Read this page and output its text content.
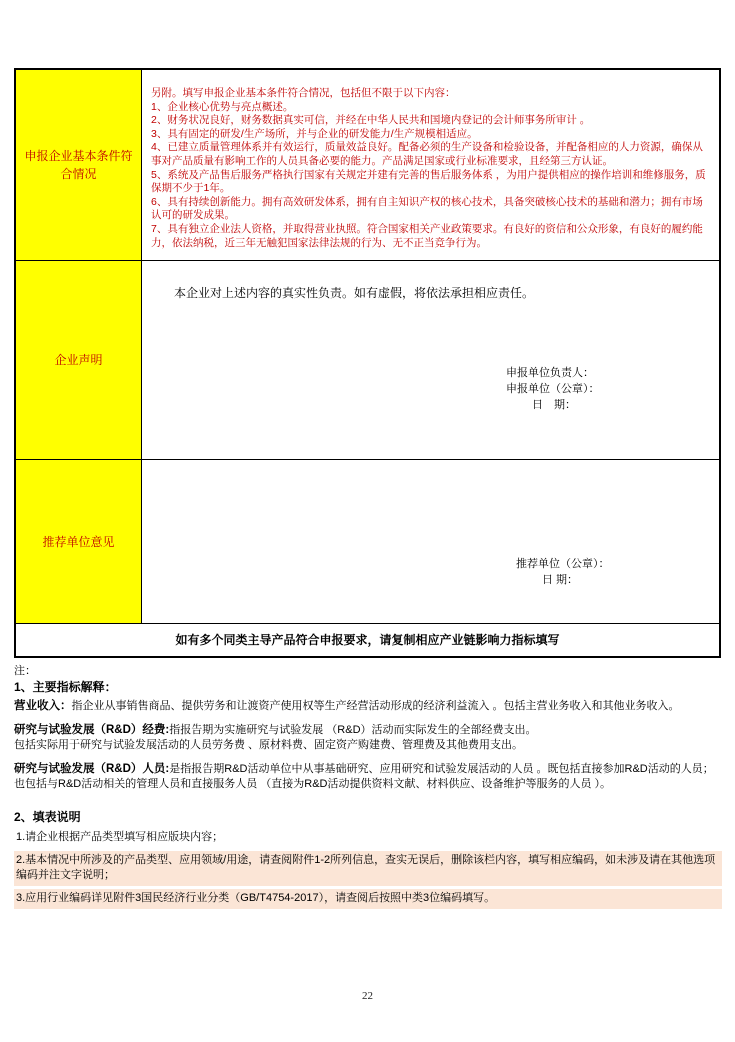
申报企业基本条件符合情况
另附。填写申报企业基本条件符合情况，包括但不限于以下内容：
1、企业核心优势与亮点概述。
2、财务状况良好，财务数据真实可信，并经在中华人民共和国境内登记的会计师事务所审计 。
3、具有固定的研发/生产场所，并与企业的研发能力/生产规模相适应。
4、已建立质量管理体系并有效运行，质量效益良好。配备必须的生产设备和检验设备，并配备相应的人力资源，确保从事对产品质量有影响工作的人员具备必要的能力。产品满足国家或行业标准要求，且经第三方认证。
5、系统及产品售后服务严格执行国家有关规定并建有完善的售后服务体系 ，为用户提供相应的操作培训和维修服务，质保期不少于1年。
6、具有持续创新能力。拥有高效研发体系，拥有自主知识产权的核心技术，具备突破核心技术的基础和潜力；拥有市场认可的研发成果。
7、具有独立企业法人资格，并取得营业执照。符合国家相关产业政策要求。有良好的资信和公众形象，有良好的履约能力，依法纳税，近三年无触犯国家法律法规的行为、无不正当竞争行为。
企业声明
本企业对上述内容的真实性负责。如有虚假，将依法承担相应责任。
申报单位负责人：
申报单位（公章）：
日　期：
推荐单位意见
推荐单位（公章）：
日 期：
如有多个同类主导产品符合申报要求，请复制相应产业链影响力指标填写
注：
1、主要指标解释：
营业收入：指企业从事销售商品、提供劳务和让渡资产使用权等生产经营活动形成的经济利益流入 。包括主营业务收入和其他业务收入。
研究与试验发展（R&D）经费:指报告期为实施研究与试验发展 （R&D）活动而实际发生的全部经费支出。
包括实际用于研究与试验发展活动的人员劳务费 、原材料费、固定资产购建费、管理费及其他费用支出。
研究与试验发展（R&D）人员:是指报告期R&D活动单位中从事基础研究、应用研究和试验发展活动的人员 。既包括直接参加R&D活动的人员；也包括与R&D活动相关的管理人员和直接服务人员 （直接为R&D活动提供资料文献、材料供应、设备维护等服务的人员 ）。
2、填表说明
1.请企业根据产品类型填写相应版块内容；
2.基本情况中所涉及的产品类型、应用领域/用途，请查阅附件1-2所列信息，查实无误后，删除该栏内容，填写相应编码，如未涉及请在其他选项编码并注文字说明；
3.应用行业编码详见附件3国民经济行业分类（GB/T4754-2017），请查阅后按照中类3位编码填写。
22
